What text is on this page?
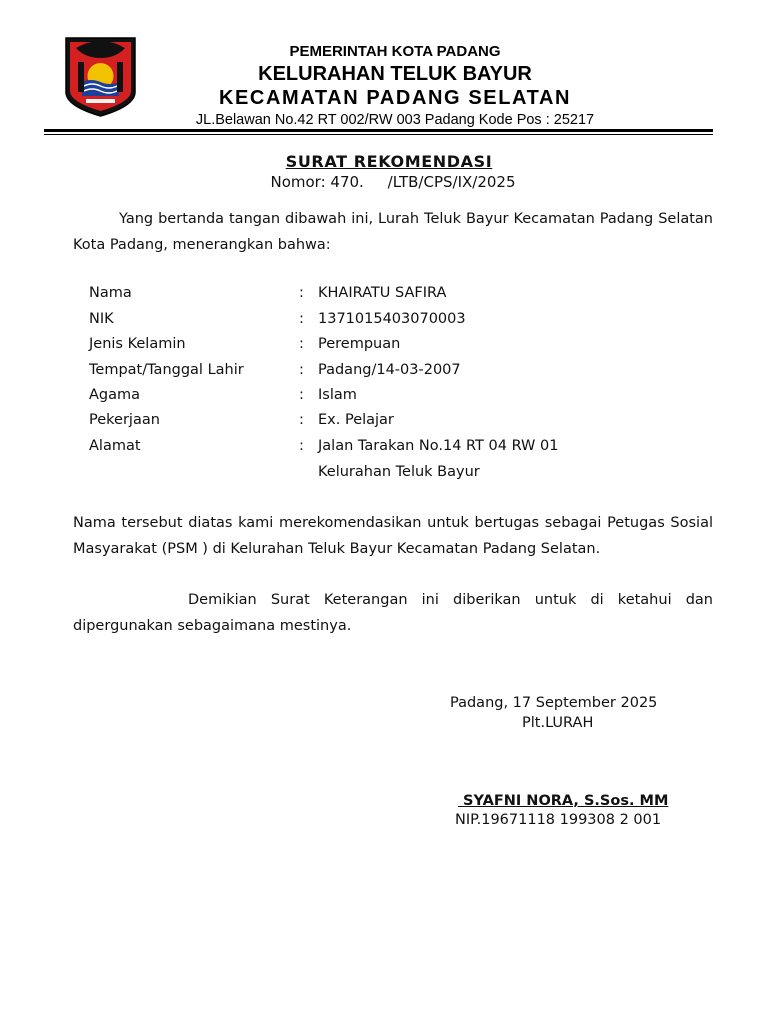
PEMERINTAH KOTA PADANG
KELURAHAN TELUK BAYUR
KECAMATAN PADANG SELATAN
JL.Belawan No.42 RT 002/RW 003 Padang Kode Pos : 25217
SURAT REKOMENDASI
Nomor: 470.     /LTB/CPS/IX/2025
Yang bertanda tangan dibawah ini, Lurah Teluk Bayur Kecamatan Padang Selatan Kota Padang, menerangkan bahwa:
Nama	: KHAIRATU SAFIRA
NIK	: 1371015403070003
Jenis Kelamin	: Perempuan
Tempat/Tanggal Lahir	: Padang/14-03-2007
Agama	: Islam
Pekerjaan	: Ex. Pelajar
Alamat	: Jalan Tarakan No.14 RT 04 RW 01
Kelurahan Teluk Bayur
Nama tersebut diatas kami merekomendasikan untuk bertugas sebagai Petugas Sosial Masyarakat (PSM ) di Kelurahan Teluk Bayur Kecamatan Padang Selatan.
Demikian Surat Keterangan ini diberikan untuk di ketahui dan dipergunakan sebagaimana mestinya.
Padang, 17 September 2025
Plt.LURAH
SYAFNI NORA, S.Sos. MM
NIP.19671118 199308 2 001
